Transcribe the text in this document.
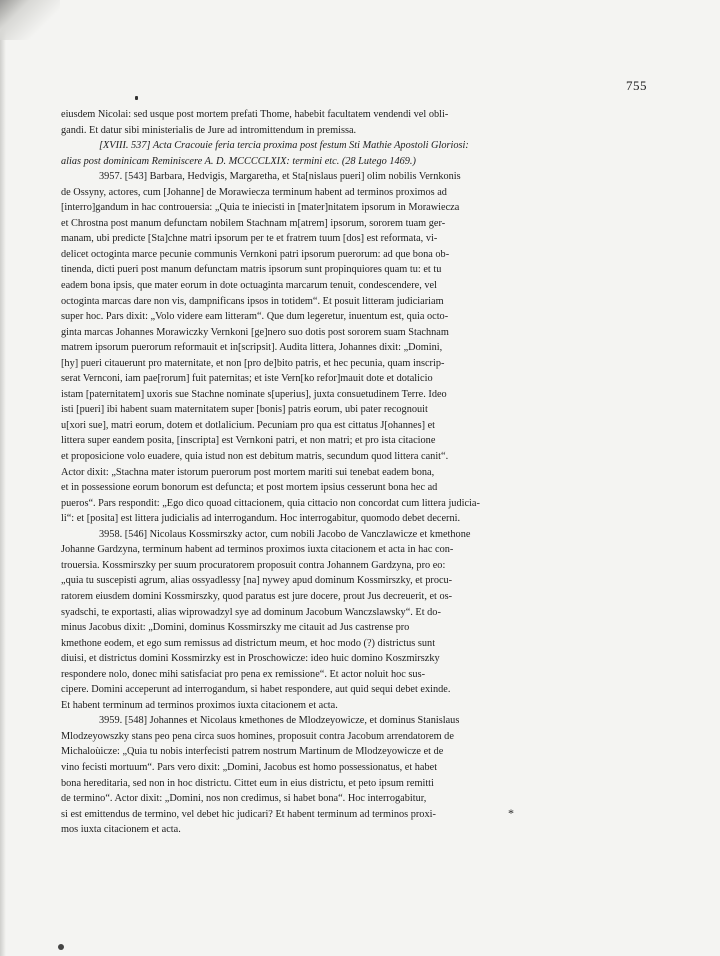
755
eiusdem Nicolai: sed usque post mortem prefati Thome, habebit facultatem vendendi vel obli-
gandi. Et datur sibi ministerialis de Jure ad intromittendum in premissa.
[XVIII. 537] Acta Cracouie feria tercia proxima post festum Sti Mathie Apostoli Gloriosi:
alias post dominicam Reminiscere A. D. MCCCCLXIX: termini etc. (28 Lutego 1469.)
3957. [543] Barbara, Hedvigis, Margaretha, et Sta[nislaus pueri] olim nobilis Vernkonis
de Ossyny, actores, cum [Johanne] de Morawiecza terminum habent ad terminos proximos ad
[interro]gandum in hac controuersia: „Quia te iniecisti in [mater]nitatem ipsorum in Morawiecza
et Chrostna post manum defunctam nobilem Stachnam m[atrem] ipsorum, sororem tuam ger-
manam, ubi predicte [Sta]chne matri ipsorum per te et fratrem tuum [dos] est reformata, vi-
delicet octoginta marce pecunie communis Vernkoni patri ipsorum puerorum: ad que bona ob-
tinenda, dicti pueri post manum defunctam matris ipsorum sunt propinquiores quam tu: et tu
eadem bona ipsis, que mater eorum in dote octuaginta marcarum tenuit, condescendere, vel
octoginta marcas dare non vis, dampnificans ipsos in totidem“. Et posuit litteram judiciariam
super hoc. Pars dixit: „Volo videre eam litteram“. Que dum legeretur, inuentum est, quia octo-
ginta marcas Johannes Morawiczky Vernkoni [ge]nero suo dotis post sororem suam Stachnam
matrem ipsorum puerorum reformauit et in[scripsit]. Audita littera, Johannes dixit: „Domini,
[hy] pueri citauerunt pro maternitate, et non [pro de]bito patris, et hec pecunia, quam inscrip-
serat Vernconi, iam pae[rorum] fuit paternitas; et iste Vern[ko refor]mauit dote et dotalicio
istam [paternitatem] uxoris sue Stachne nominate s[uperius], juxta consuetudinem Terre. Ideo
isti [pueri] ibi habent suam maternitatem super [bonis] patris eorum, ubi pater recognouit
u[xori sue], matri eorum, dotem et dotlalicium. Pecuniam pro qua est cittatus J[ohannes] et
littera super eandem posita, [inscripta] est Vernkoni patri, et non matri; et pro ista citacione
et proposicione volo euadere, quia istud non est debitum matris, secundum quod littera canit“.
Actor dixit: „Stachna mater istorum puerorum post mortem mariti sui tenebat eadem bona,
et in possessione eorum bonorum est defuncta; et post mortem ipsius cesserunt bona hec ad
pueros“. Pars respondit: „Ego dico quoad cittacionem, quia cittacio non concordat cum littera judicia-
li“: et [posita] est littera judicialis ad interrogandum. Hoc interrogabitur, quomodo debet decerni.
3958. [546] Nicolaus Kossmirszky actor, cum nobili Jacobo de Vanczlawicze et kmethone
Johanne Gardzyna, terminum habent ad terminos proximos iuxta citacionem et acta in hac con-
trouersia. Kossmirszky per suum procuratorem proposuit contra Johannem Gardzyna, pro eo:
„quia tu suscepisti agrum, alias ossyadlessy [na] nywey apud dominum Kossmirszky, et procu-
ratorem eiusdem domini Kossmirszky, quod paratus est jure docere, prout Jus decreuerit, et os-
syadschi, te exportasti, alias wiprowadzyl sye ad dominum Jacobum Wanczslawsky“. Et do-
minus Jacobus dixit: „Domini, dominus Kossmirszky me citauit ad Jus castrense pro
kmethone eodem, et ego sum remissus ad districtum meum, et hoc modo (?) districtus sunt
diuisi, et districtus domini Kossmirzky est in Proschowicze: ideo huic domino Koszmirszky
respondere nolo, donec mihi satisfaciat pro pena ex remissione“. Et actor noluit hoc sus-
cipere. Domini acceperunt ad interrogandum, si habet respondere, aut quid sequi debet exinde.
Et habent terminum ad terminos proximos iuxta citacionem et acta.
3959. [548] Johannes et Nicolaus kmethones de Mlodzeyowicze, et dominus Stanislaus
Mlodzeyowszky stans peo pena circa suos homines, proposuit contra Jacobum arrendatorem de
Michaloùicze: „Quia tu nobis interfecisti patrem nostrum Martinum de Mlodzeyowicze et de
vino fecisti mortuum“. Pars vero dixit: „Domini, Jacobus est homo possessionatus, et habet
bona hereditaria, sed non in hoc districtu. Cittet eum in eius districtu, et peto ipsum remitti
de termino“. Actor dixit: „Domini, nos non credimus, si habet bona“. Hoc interrogabitur,
si est emittendus de termino, vel debet hic judicari? Et habent terminum ad terminos proxi-
mos iuxta citacionem et acta.
*
